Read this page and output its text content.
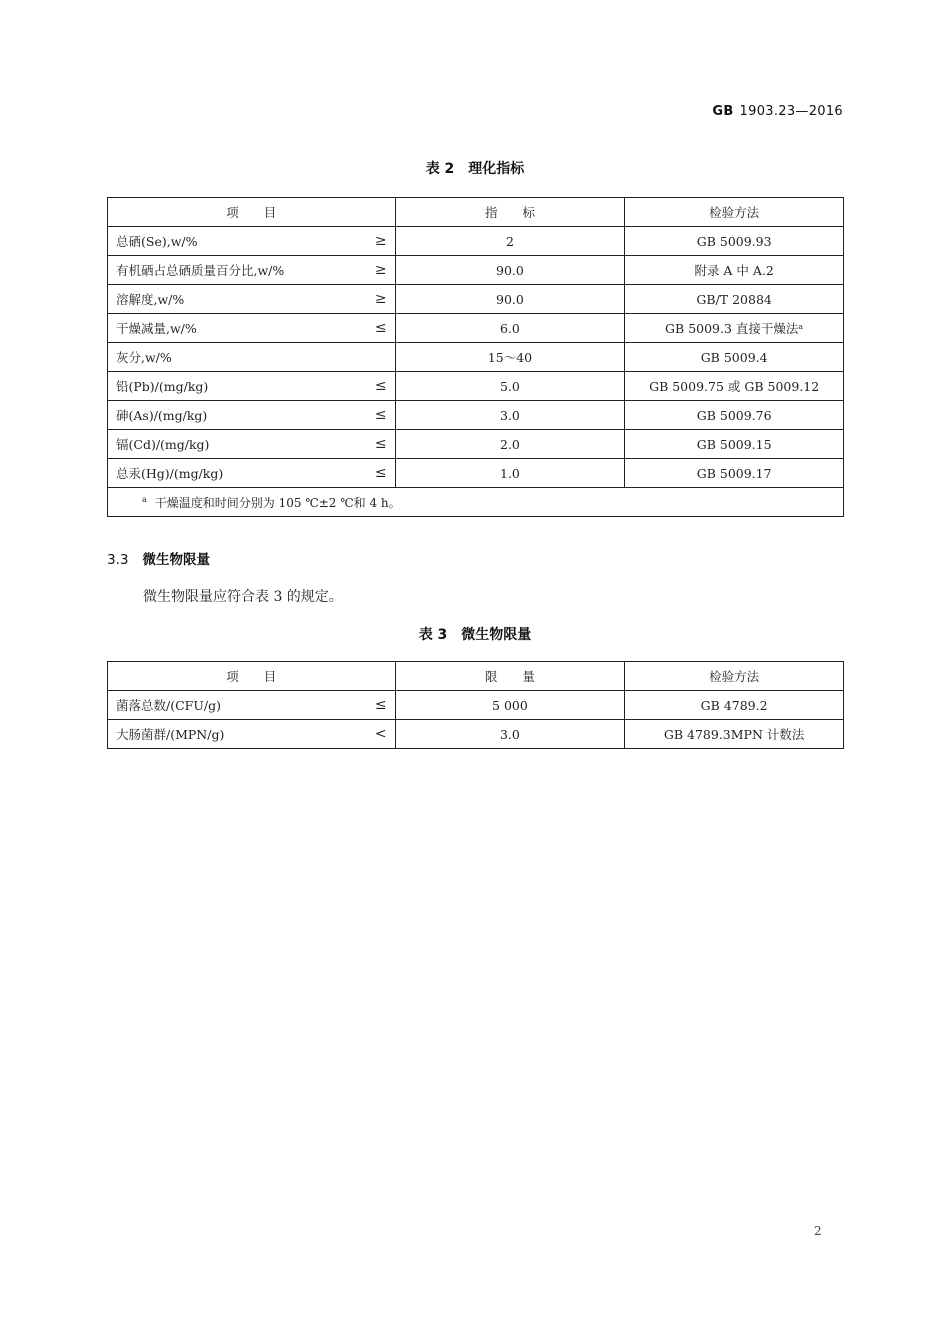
GB 1903.23—2016
表 2　理化指标
项　　目	指　　标	检验方法
总硒(Se),w/% ≥	2	GB 5009.93
有机硒占总硒质量百分比,w/% ≥	90.0	附录 A 中 A.2
溶解度,w/% ≥	90.0	GB/T 20884
干燥减量,w/% ≤	6.0	GB 5009.3 直接干燥法ᵃ
灰分,w/%	15～40	GB 5009.4
铅(Pb)/(mg/kg) ≤	5.0	GB 5009.75 或 GB 5009.12
砷(As)/(mg/kg) ≤	3.0	GB 5009.76
镉(Cd)/(mg/kg) ≤	2.0	GB 5009.15
总汞(Hg)/(mg/kg) ≤	1.0	GB 5009.17
$^a$ 干燥温度和时间分别为 105 ℃±2 ℃和 4 h。		
3.3 微生物限量
微生物限量应符合表 3 的规定。
表 3　微生物限量
项　　目	限　　量	检验方法
菌落总数/(CFU/g) ≤	5 000	GB 4789.2
大肠菌群/(MPN/g) <	3.0	GB 4789.3MPN 计数法
2
